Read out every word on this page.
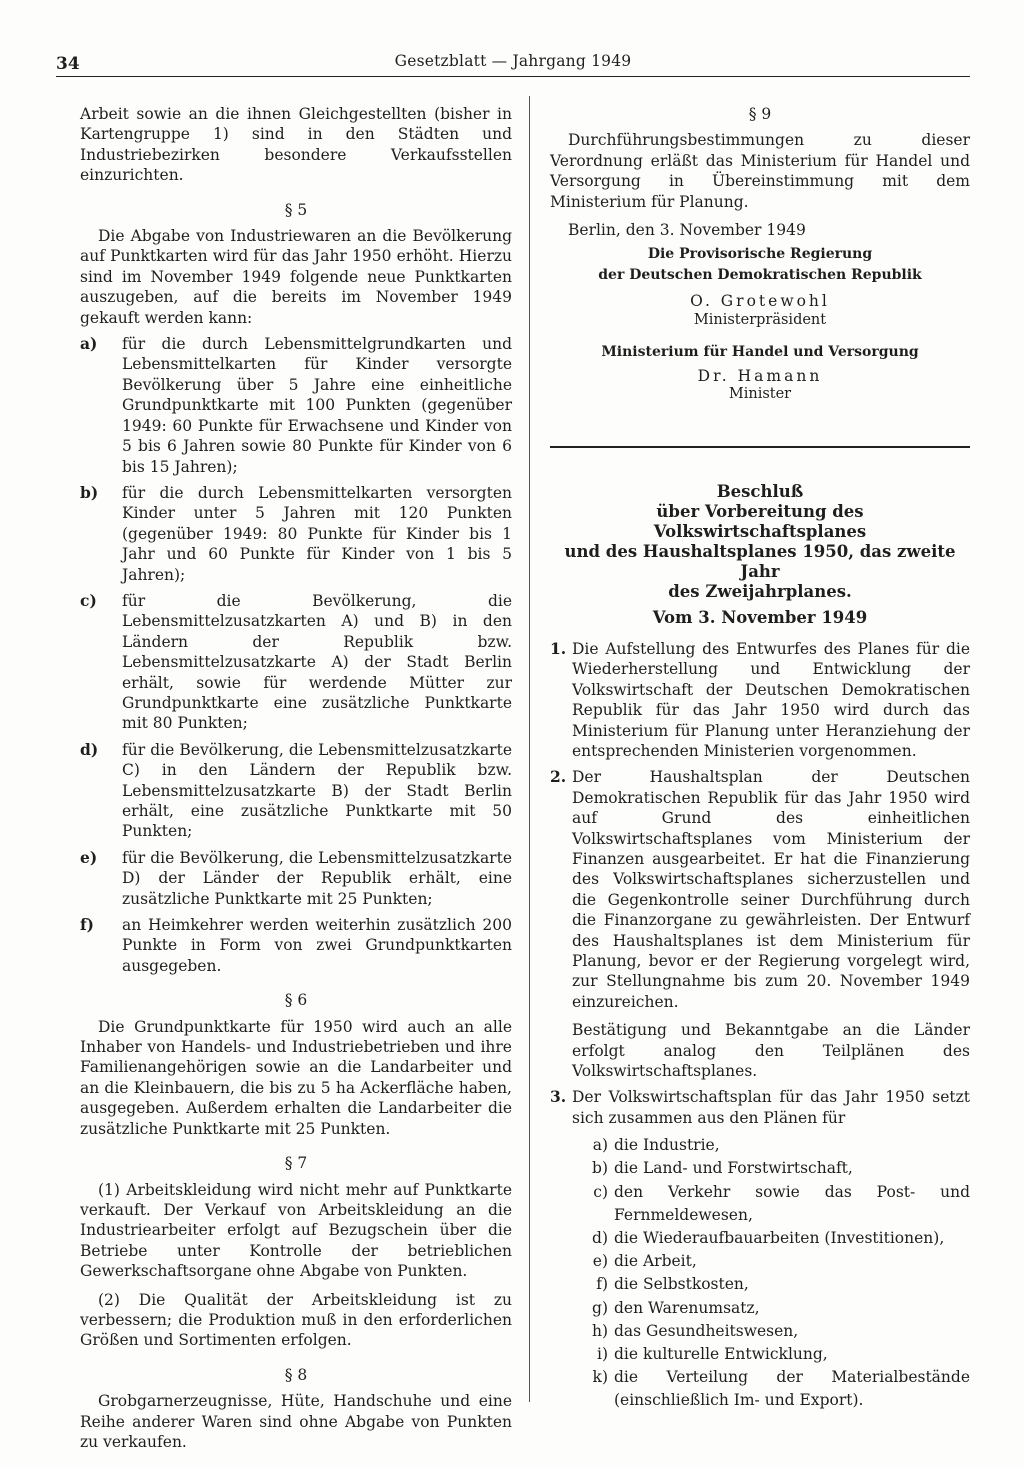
34	Gesetzblatt — Jahrgang 1949

Arbeit sowie an die ihnen Gleichgestellten (bisher in Kartengruppe 1) sind in den Städten und Industriebezirken besondere Verkaufsstellen einzurichten.

§ 5

Die Abgabe von Industriewaren an die Bevölkerung auf Punktkarten wird für das Jahr 1950 erhöht. Hierzu sind im November 1949 folgende neue Punktkarten auszugeben, auf die bereits im November 1949 gekauft werden kann:

a)	für die durch Lebensmittelgrundkarten und Lebensmittelkarten für Kinder versorgte Bevölkerung über 5 Jahre eine einheitliche Grundpunktkarte mit 100 Punkten (gegenüber 1949: 60 Punkte für Erwachsene und Kinder von 5 bis 6 Jahren sowie 80 Punkte für Kinder von 6 bis 15 Jahren);
b)	für die durch Lebensmittelkarten versorgten Kinder unter 5 Jahren mit 120 Punkten (gegenüber 1949: 80 Punkte für Kinder bis 1 Jahr und 60 Punkte für Kinder von 1 bis 5 Jahren);
c)	für die Bevölkerung, die Lebensmittelzusatzkarten A) und B) in den Ländern der Republik bzw. Lebensmittelzusatzkarte A) der Stadt Berlin erhält, sowie für werdende Mütter zur Grundpunktkarte eine zusätzliche Punktkarte mit 80 Punkten;
d)	für die Bevölkerung, die Lebensmittelzusatzkarte C) in den Ländern der Republik bzw. Lebensmittelzusatzkarte B) der Stadt Berlin erhält, eine zusätzliche Punktkarte mit 50 Punkten;
e)	für die Bevölkerung, die Lebensmittelzusatzkarte D) der Länder der Republik erhält, eine zusätzliche Punktkarte mit 25 Punkten;
f)	an Heimkehrer werden weiterhin zusätzlich 200 Punkte in Form von zwei Grundpunktkarten ausgegeben.
§ 6

Die Grundpunktkarte für 1950 wird auch an alle Inhaber von Handels- und Industriebetrieben und ihre Familienangehörigen sowie an die Landarbeiter und an die Kleinbauern, die bis zu 5 ha Ackerfläche haben, ausgegeben. Außerdem erhalten die Landarbeiter die zusätzliche Punktkarte mit 25 Punkten.

§ 7

(1) Arbeitskleidung wird nicht mehr auf Punktkarte verkauft. Der Verkauf von Arbeitskleidung an die Industriearbeiter erfolgt auf Bezugschein über die Betriebe unter Kontrolle der betrieblichen Gewerkschaftsorgane ohne Abgabe von Punkten.

(2) Die Qualität der Arbeitskleidung ist zu verbessern; die Produktion muß in den erforderlichen Größen und Sortimenten erfolgen.

§ 8

Grobgarnerzeugnisse, Hüte, Handschuhe und eine Reihe anderer Waren sind ohne Abgabe von Punkten zu verkaufen.

§ 9

Durchführungsbestimmungen zu dieser Verordnung erläßt das Ministerium für Handel und Versorgung in Übereinstimmung mit dem Ministerium für Planung.

Berlin, den 3. November 1949

Die Provisorische Regierung
der Deutschen Demokratischen Republik
O. Grotewohl
Ministerpräsident
Ministerium für Handel und Versorgung
Dr. Hamann
Minister
Beschluß
über Vorbereitung des Volkswirtschaftsplanes
und des Haushaltsplanes 1950, das zweite Jahr
des Zweijahrplanes.
Vom 3. November 1949
1. Die Aufstellung des Entwurfes des Planes für die Wiederherstellung und Entwicklung der Volkswirtschaft der Deutschen Demokratischen Republik für das Jahr 1950 wird durch das Ministerium für Planung unter Heranziehung der entsprechenden Ministerien vorgenommen.
2. Der Haushaltsplan der Deutschen Demokratischen Republik für das Jahr 1950 wird auf Grund des einheitlichen Volkswirtschaftsplanes vom Ministerium der Finanzen ausgearbeitet. Er hat die Finanzierung des Volkswirtschaftsplanes sicherzustellen und die Gegenkontrolle seiner Durchführung durch die Finanzorgane zu gewährleisten. Der Entwurf des Haushaltsplanes ist dem Ministerium für Planung, bevor er der Regierung vorgelegt wird, zur Stellungnahme bis zum 20. November 1949 einzureichen.

Bestätigung und Bekanntgabe an die Länder erfolgt analog den Teilplänen des Volkswirtschaftsplanes.

3. Der Volkswirtschaftsplan für das Jahr 1950 setzt sich zusammen aus den Plänen für
a) die Industrie,
b) die Land- und Forstwirtschaft,
c) den Verkehr sowie das Post- und Fernmeldewesen,
d) die Wiederaufbauarbeiten (Investitionen),
e) die Arbeit,
f) die Selbstkosten,
g) den Warenumsatz,
h) das Gesundheitswesen,
i) die kulturelle Entwicklung,
k) die Verteilung der Materialbestände (einschließlich Im- und Export).
